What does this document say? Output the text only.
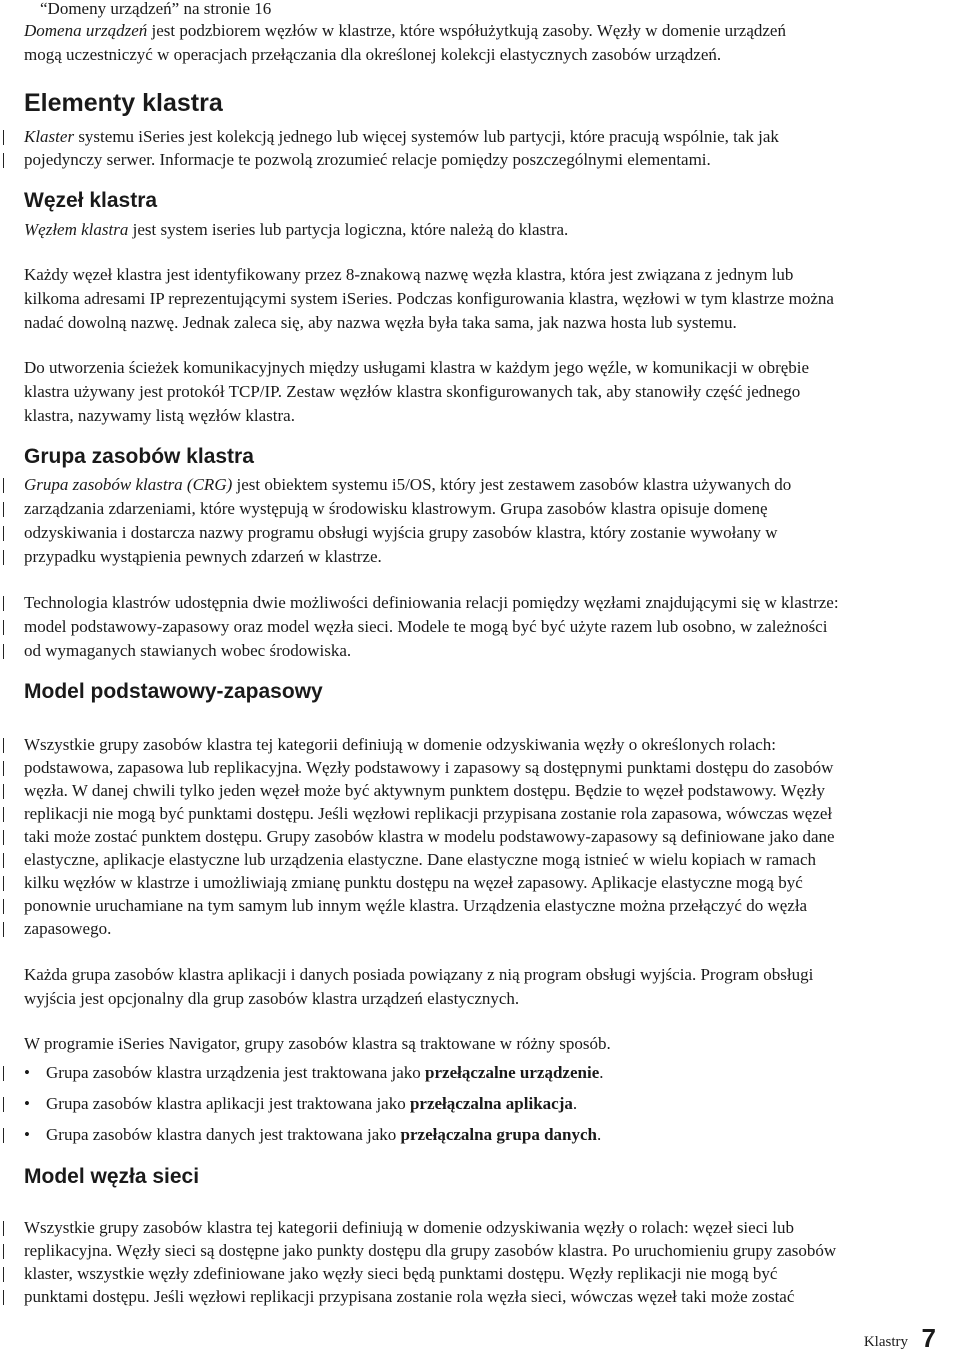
“Domeny urządzeń” na stronie 16
Domena urządzeń jest podzbiorem węzłów w klastrze, które współużytkują zasoby. Węzły w domenie urządzeń
mogą uczestniczyć w operacjach przełączania dla określonej kolekcji elastycznych zasobów urządzeń.
Elementy klastra
Klaster systemu iSeries jest kolekcją jednego lub więcej systemów lub partycji, które pracują wspólnie, tak jak
pojedynczy serwer. Informacje te pozwolą zrozumieć relacje pomiędzy poszczególnymi elementami.
Węzeł klastra
Węzłem klastra jest system iseries lub partycja logiczna, które należą do klastra.
Każdy węzeł klastra jest identyfikowany przez 8-znakową nazwę węzła klastra, która jest związana z jednym lub
kilkoma adresami IP reprezentującymi system iSeries. Podczas konfigurowania klastra, węzłowi w tym klastrze można
nadać dowolną nazwę. Jednak zaleca się, aby nazwa węzła była taka sama, jak nazwa hosta lub systemu.
Do utworzenia ścieżek komunikacyjnych między usługami klastra w każdym jego węźle, w komunikacji w obrębie
klastra używany jest protokół TCP/IP. Zestaw węzłów klastra skonfigurowanych tak, aby stanowiły część jednego
klastra, nazywamy listą węzłów klastra.
Grupa zasobów klastra
Grupa zasobów klastra (CRG) jest obiektem systemu i5/OS, który jest zestawem zasobów klastra używanych do
zarządzania zdarzeniami, które występują w środowisku klastrowym. Grupa zasobów klastra opisuje domenę
odzyskiwania i dostarcza nazwy programu obsługi wyjścia grupy zasobów klastra, który zostanie wywołany w
przypadku wystąpienia pewnych zdarzeń w klastrze.
Technologia klastrów udostępnia dwie możliwości definiowania relacji pomiędzy węzłami znajdującymi się w klastrze:
model podstawowy-zapasowy oraz model węzła sieci. Modele te mogą być być użyte razem lub osobno, w zależności
od wymaganych stawianych wobec środowiska.
Model podstawowy-zapasowy
Wszystkie grupy zasobów klastra tej kategorii definiują w domenie odzyskiwania węzły o określonych rolach:
podstawowa, zapasowa lub replikacyjna. Węzły podstawowy i zapasowy są dostępnymi punktami dostępu do zasobów
węzła. W danej chwili tylko jeden węzeł może być aktywnym punktem dostępu. Będzie to węzeł podstawowy. Węzły
replikacji nie mogą być punktami dostępu. Jeśli węzłowi replikacji przypisana zostanie rola zapasowa, wówczas węzeł
taki może zostać punktem dostępu. Grupy zasobów klastra w modelu podstawowy-zapasowy są definiowane jako dane
elastyczne, aplikacje elastyczne lub urządzenia elastyczne. Dane elastyczne mogą istnieć w wielu kopiach w ramach
kilku węzłów w klastrze i umożliwiają zmianę punktu dostępu na węzeł zapasowy. Aplikacje elastyczne mogą być
ponownie uruchamiane na tym samym lub innym węźle klastra. Urządzenia elastyczne można przełączyć do węzła
zapasowego.
Każda grupa zasobów klastra aplikacji i danych posiada powiązany z nią program obsługi wyjścia. Program obsługi
wyjścia jest opcjonalny dla grup zasobów klastra urządzeń elastycznych.
W programie iSeries Navigator, grupy zasobów klastra są traktowane w różny sposób.
• Grupa zasobów klastra urządzenia jest traktowana jako przełączalne urządzenie.
• Grupa zasobów klastra aplikacji jest traktowana jako przełączalna aplikacja.
• Grupa zasobów klastra danych jest traktowana jako przełączalna grupa danych.
Model węzła sieci
Wszystkie grupy zasobów klastra tej kategorii definiują w domenie odzyskiwania węzły o rolach: węzeł sieci lub
replikacyjna. Węzły sieci są dostępne jako punkty dostępu dla grupy zasobów klastra. Po uruchomieniu grupy zasobów
klaster, wszystkie węzły zdefiniowane jako węzły sieci będą punktami dostępu. Węzły replikacji nie mogą być
punktami dostępu. Jeśli węzłowi replikacji przypisana zostanie rola węzła sieci, wówczas węzeł taki może zostać
Klastry 7
